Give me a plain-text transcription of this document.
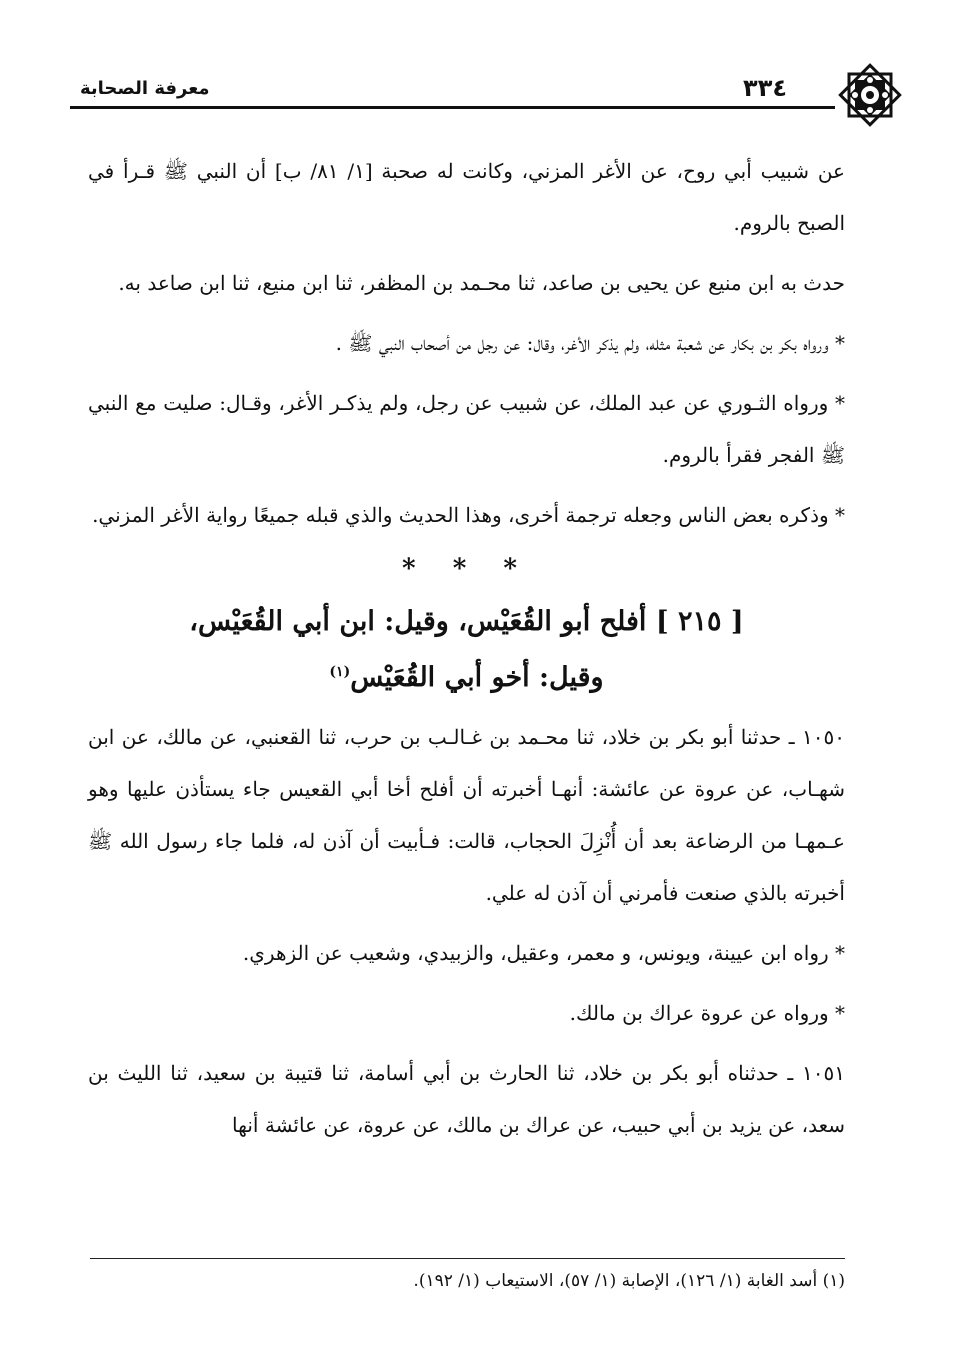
معرفة الصحابة	٣٣٤

عن شبيب أبي روح، عن الأغر المزني، وكانت له صحبة [١/ ٨١/ ب] أن النبي ﷺ قـرأ في الصبح بالروم.

حدث به ابن منيع عن يحيى بن صاعد، ثنا محـمد بن المظفر، ثنا ابن منيع، ثنا ابن صاعد به.

* ورواه بكر بن بكار عن شعبة مثله، ولم يذكر الأغر، وقال: عن رجل من أصحاب النبي ﷺ .

* ورواه الثـوري عن عبد الملك، عن شبيب عن رجل، ولم يذكـر الأغر، وقـال: صليت مع النبي ﷺ الفجر فقرأ بالروم.

* وذكره بعض الناس وجعله ترجمة أخرى، وهذا الحديث والذي قبله جميعًا رواية الأغر المزني.

* * *
[ ٢١٥ ] أفلح أبو القُعَيْس، وقيل: ابن أبي القُعَيْس،
وقيل: أخو أبي القُعَيْس$^{(١)}$

١٠٥٠ ـ حدثنا أبو بكر بن خلاد، ثنا محـمد بن غـالـب بن حرب، ثنا القعنبي، عن مالك، عن ابن شهـاب، عن عروة عن عائشة: أنهـا أخبرته أن أفلح أخا أبي القعيس جاء يستأذن عليها وهو عـمهـا من الرضاعة بعد أن أُنْزِلَ الحجاب، قالت: فـأبيت أن آذن له، فلما جاء رسول الله ﷺ أخبرته بالذي صنعت فأمرني أن آذن له علي.

* رواه ابن عيينة، ويونس، و معمر، وعقيل، والزبيدي، وشعيب عن الزهري.

* ورواه عن عروة عراك بن مالك.

١٠٥١ ـ حدثناه أبو بكر بن خلاد، ثنا الحارث بن أبي أسامة، ثنا قتيبة بن سعيد، ثنا الليث بن سعد، عن يزيد بن أبي حبيب، عن عراك بن مالك، عن عروة، عن عائشة أنها

(١) أسد الغابة (١/ ١٢٦)، الإصابة (١/ ٥٧)، الاستيعاب (١/ ١٩٢).
